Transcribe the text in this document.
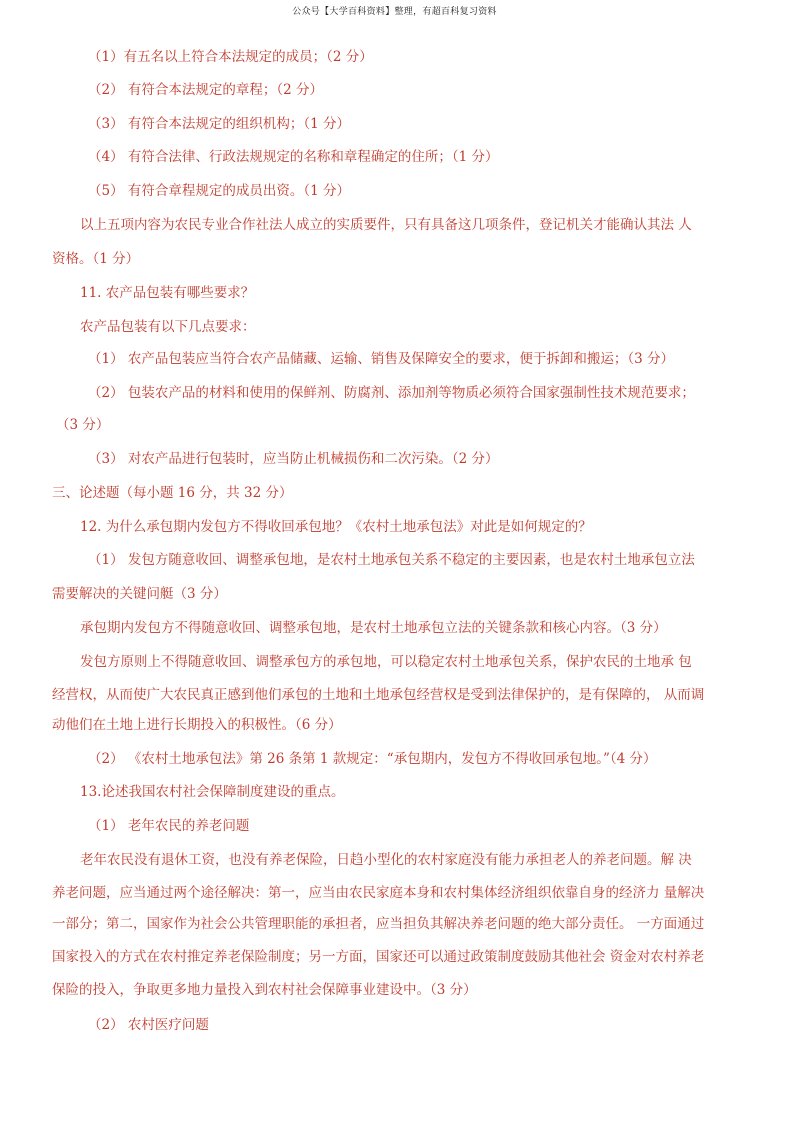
公众号【大学百科资料】整理，有超百科复习资料
（1）有五名以上符合本法规定的成员；（2 分）
（2） 有符合本法规定的章程；（2 分）
（3） 有符合本法规定的组织机构；（1 分）
（4） 有符合法律、行政法规规定的名称和章程确定的住所；（1 分）
（5） 有符合章程规定的成员出资。（1 分）
以上五项内容为农民专业合作社法人成立的实质要件，只有具备这几项条件，登记机关才能确认其法 人
资格。（1 分）
11. 农产品包装有哪些要求？
农产品包装有以下几点要求：
（1） 农产品包装应当符合农产品储藏、运输、销售及保障安全的要求，便于拆卸和搬运；（3 分）
（2） 包装农产品的材料和使用的保鲜剂、防腐剂、添加剂等物质必须符合国家强制性技术规范要求；
（3 分）
（3） 对农产品进行包装时，应当防止机械损伤和二次污染。（2 分）
三、论述题（每小题 16 分，共 32 分）
12. 为什么承包期内发包方不得收回承包地？《农村土地承包法》对此是如何规定的？
（1） 发包方随意收回、调整承包地，是农村土地承包关系不稳定的主要因素，也是农村土地承包立法
需要解决的关键问艇（3 分）
承包期内发包方不得随意收回、调整承包地，是农村土地承包立法的关键条款和核心内容。（3 分）
发包方原则上不得随意收回、调整承包方的承包地，可以稳定农村土地承包关系，保护农民的土地承 包
经营权，从而使广大农民真正感到他们承包的土地和土地承包经营权是受到法律保护的，是有保障的， 从而调
动他们在土地上进行长期投入的积极性。（6 分）
（2） 《农村土地承包法》第 26 条第 1 款规定：“承包期内，发包方不得收回承包地。”（4 分）
13.论述我国农村社会保障制度建设的重点。
（1） 老年农民的养老问题
老年农民没有退休工资，也没有养老保险，日趋小型化的农村家庭没有能力承担老人的养老问题。解 决
养老问题，应当通过两个途径解决：第一，应当由农民家庭本身和农村集体经济组织依靠自身的经济力 量解决
一部分；第二，国家作为社会公共管理职能的承担者，应当担负其解决养老问题的绝大部分责任。 一方面通过
国家投入的方式在农村推定养老保险制度；另一方面，国家还可以通过政策制度鼓励其他社会 资金对农村养老
保险的投入，争取更多地力量投入到农村社会保障事业建设中。（3 分）
（2） 农村医疗问题
